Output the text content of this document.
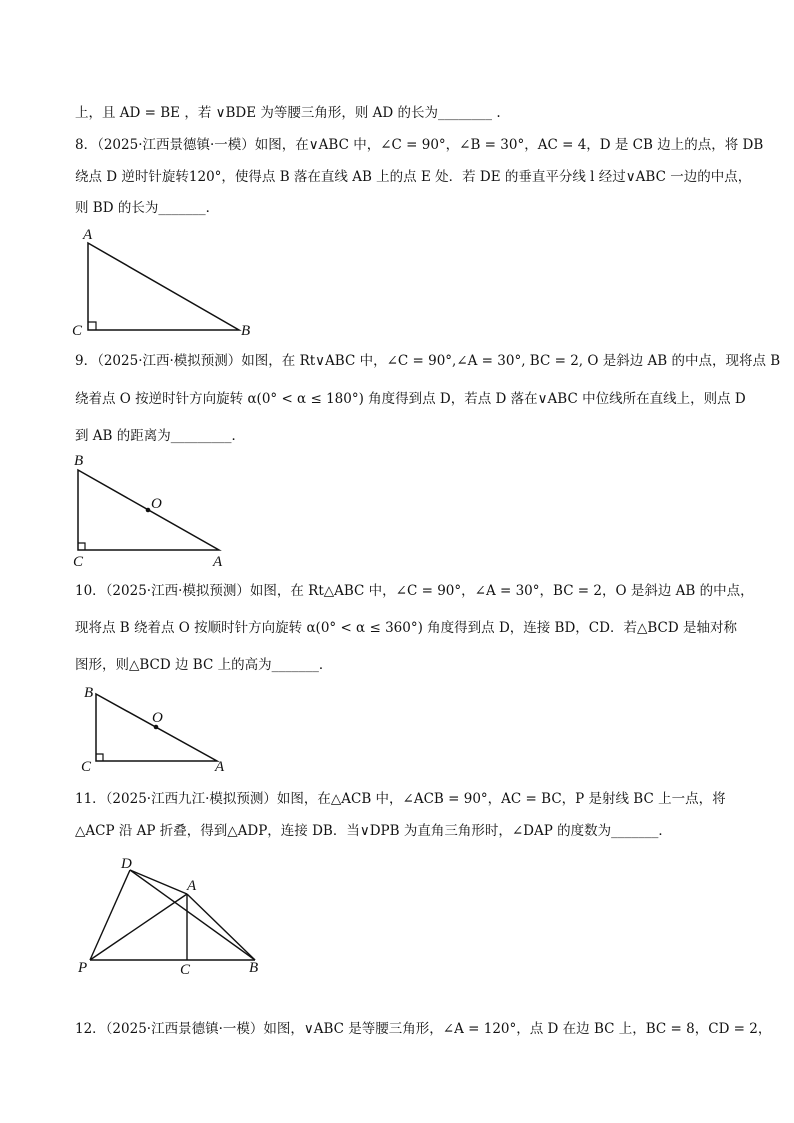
上，且 AD = BE ，若 ∨BDE 为等腰三角形，则 AD 的长为________ .
8．（2025·江西景德镇·一模）如图，在∨ABC 中，∠C = 90°，∠B = 30°，AC = 4，D 是 CB 边上的点，将 DB
绕点 D 逆时针旋转120°，使得点 B 落在直线 AB 上的点 E 处．若 DE 的垂直平分线 l 经过∨ABC 一边的中点，
则 BD 的长为_______．
A
C	B
9．（2025·江西·模拟预测）如图，在 Rt∨ABC 中，∠C = 90°,∠A = 30°, BC = 2, O 是斜边 AB 的中点，现将点 B
绕着点 O 按逆时针方向旋转 α(0° < α ≤ 180°) 角度得到点 D，若点 D 落在∨ABC 中位线所在直线上，则点 D
到 AB 的距离为_________．
B
O
C	A
10．（2025·江西·模拟预测）如图，在 Rt△ABC 中，∠C = 90°，∠A = 30°，BC = 2，O 是斜边 AB 的中点，
现将点 B 绕着点 O 按顺时针方向旋转 α(0° < α ≤ 360°) 角度得到点 D，连接 BD，CD．若△BCD 是轴对称
图形，则△BCD 边 BC 上的高为_______．
B
O
C	A
11．（2025·江西九江·模拟预测）如图，在△ACB 中，∠ACB = 90°，AC = BC，P 是射线 BC 上一点，将
△ACP 沿 AP 折叠，得到△ADP，连接 DB．当∨DPB 为直角三角形时，∠DAP 的度数为_______．
D
A
P	C	B
12．（2025·江西景德镇·一模）如图，∨ABC 是等腰三角形，∠A = 120°，点 D 在边 BC 上，BC = 8，CD = 2，
